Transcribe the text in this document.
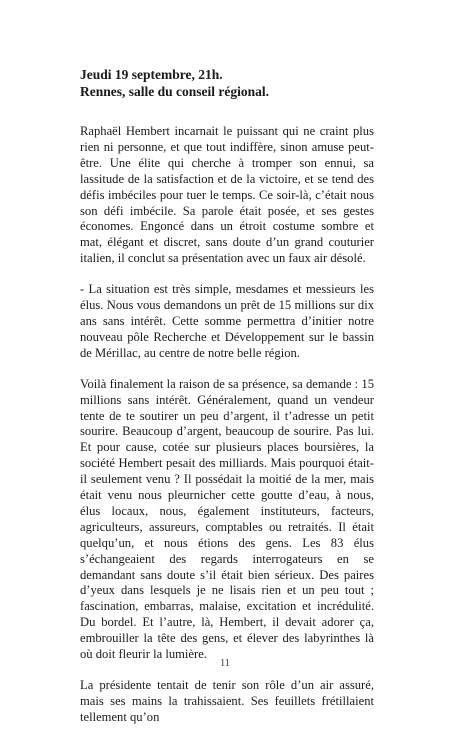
Jeudi 19 septembre, 21h.
Rennes, salle du conseil régional.

Raphaël Hembert incarnait le puissant qui ne craint plus rien ni personne, et que tout indiffère, sinon amuse peut-être. Une élite qui cherche à tromper son ennui, sa lassitude de la satisfaction et de la victoire, et se tend des défis imbéciles pour tuer le temps. Ce soir-là, c’était nous son défi imbécile. Sa parole était posée, et ses gestes économes. Engoncé dans un étroit costume sombre et mat, élégant et discret, sans doute d’un grand couturier italien, il conclut sa présentation avec un faux air désolé.

- La situation est très simple, mesdames et messieurs les élus. Nous vous demandons un prêt de 15 millions sur dix ans sans intérêt. Cette somme permettra d’initier notre nouveau pôle Recherche et Développement sur le bassin de Mérillac, au centre de notre belle région.

Voilà finalement la raison de sa présence, sa demande : 15 millions sans intérêt. Généralement, quand un vendeur tente de te soutirer un peu d’argent, il t’adresse un petit sourire. Beaucoup d’argent, beaucoup de sourire. Pas lui. Et pour cause, cotée sur plusieurs places boursières, la société Hembert pesait des milliards. Mais pourquoi était-il seulement venu ? Il possédait la moitié de la mer, mais était venu nous pleurnicher cette goutte d’eau, à nous, élus locaux, nous, également instituteurs, facteurs, agriculteurs, assureurs, comptables ou retraités. Il était quelqu’un, et nous étions des gens. Les 83 élus s’échangeaient des regards interrogateurs en se demandant sans doute s’il était bien sérieux. Des paires d’yeux dans lesquels je ne lisais rien et un peu tout ; fascination, embarras, malaise, excitation et incrédulité. Du bordel. Et l’autre, là, Hembert, il devait adorer ça, embrouiller la tête des gens, et élever des labyrinthes là où doit fleurir la lumière.

La présidente tentait de tenir son rôle d’un air assuré, mais ses mains la trahissaient. Ses feuillets frétillaient tellement qu’on

11
